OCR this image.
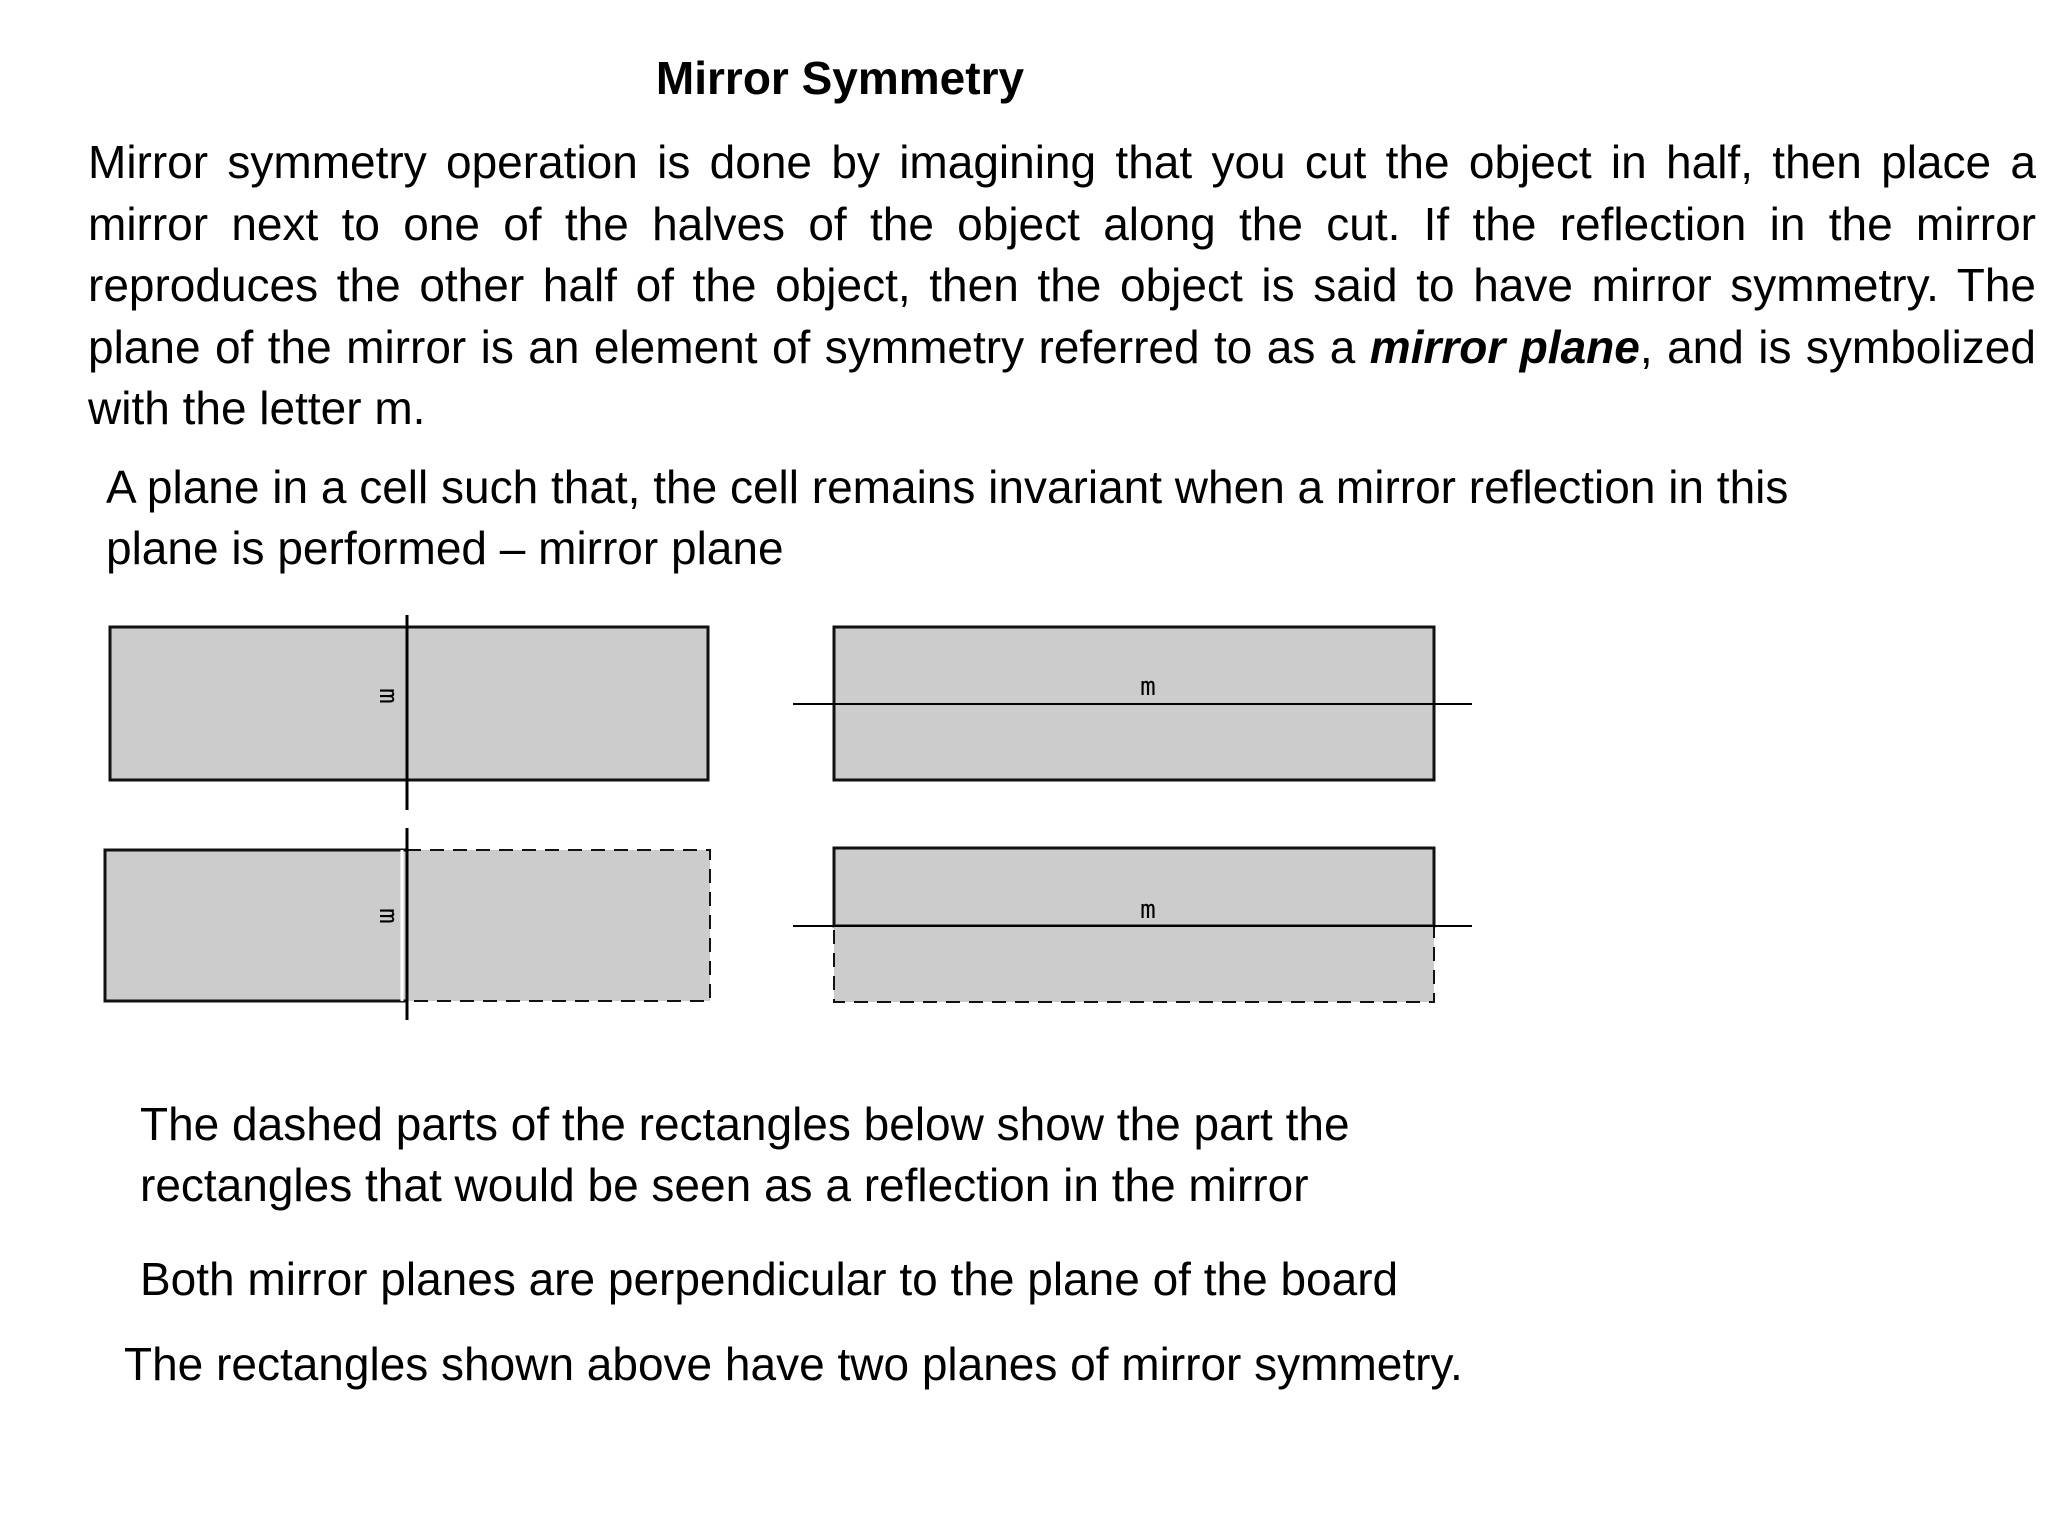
Mirror Symmetry
Mirror symmetry operation is done by imagining that you cut the object in half, then place a mirror next to one of the halves of the object along the cut. If the reflection in the mirror reproduces the other half of the object, then the object is said to have mirror symmetry. The plane of the mirror is an element of symmetry referred to as a mirror plane, and is symbolized with the letter m.
A plane in a cell such that, the cell remains invariant when a mirror reflection in this
plane is performed – mirror plane
m	m
m	m
The dashed parts of the rectangles below show the part the
rectangles that would be seen as a reflection in the mirror
Both mirror planes are perpendicular to the plane of the board
The rectangles shown above have two planes of mirror symmetry.
